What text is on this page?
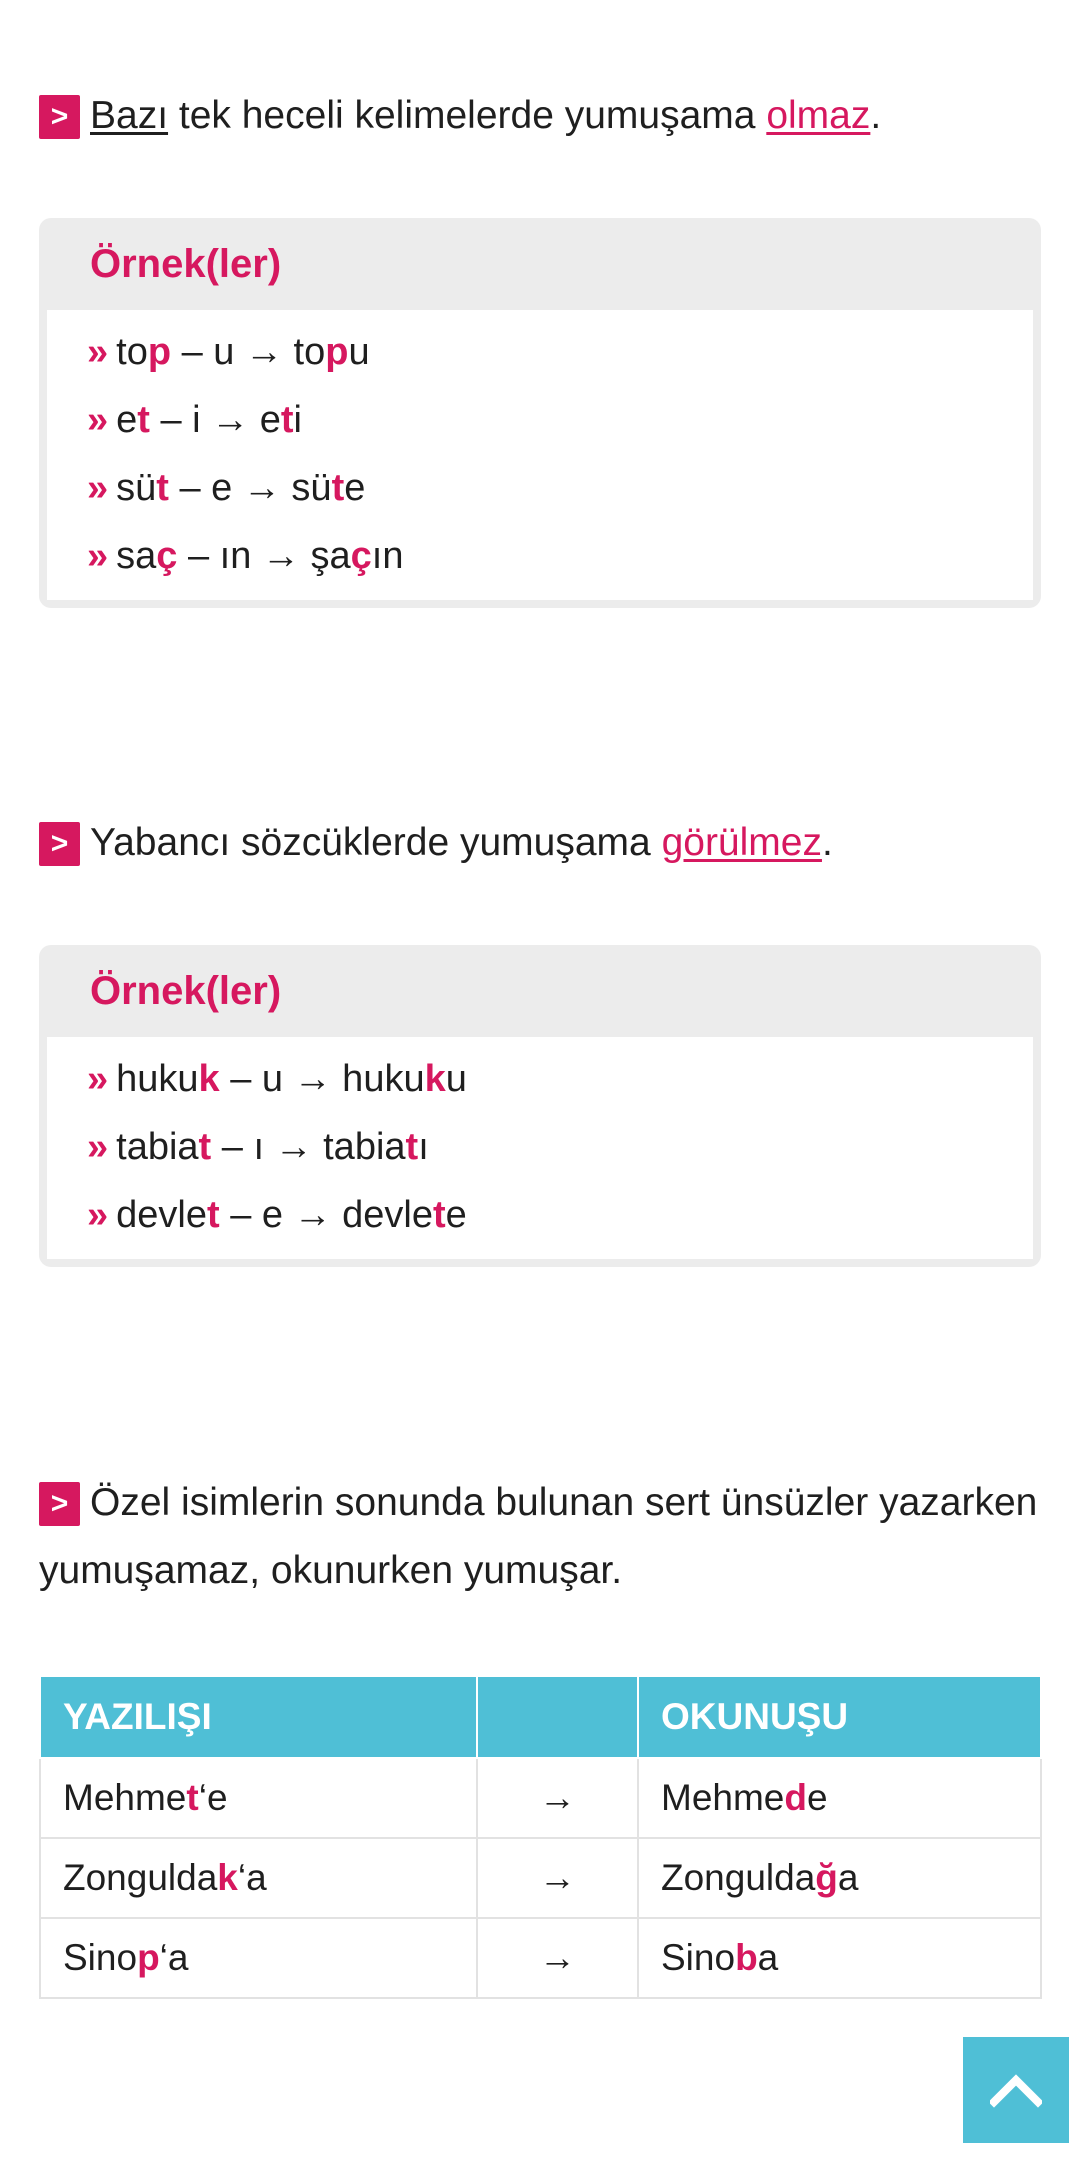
> Bazı tek heceli kelimelerde yumuşama olmaz.
Örnek(ler)
» top – u → topu
» et – i → eti
» süt – e → süte
» saç – ın → şaçın
> Yabancı sözcüklerde yumuşama görülmez.
Örnek(ler)
» hukuk – u → hukuku
» tabiat – ı → tabiatı
» devlet – e → devlete
> Özel isimlerin sonunda bulunan sert ünsüzler yazarken yumuşamaz, okunurken yumuşar.
YAZILIŞI		OKUNUŞU
Mehmet‘e	→	Mehmede
Zonguldak‘a	→	Zonguldаğa
Sinop‘a	→	Sinoba
